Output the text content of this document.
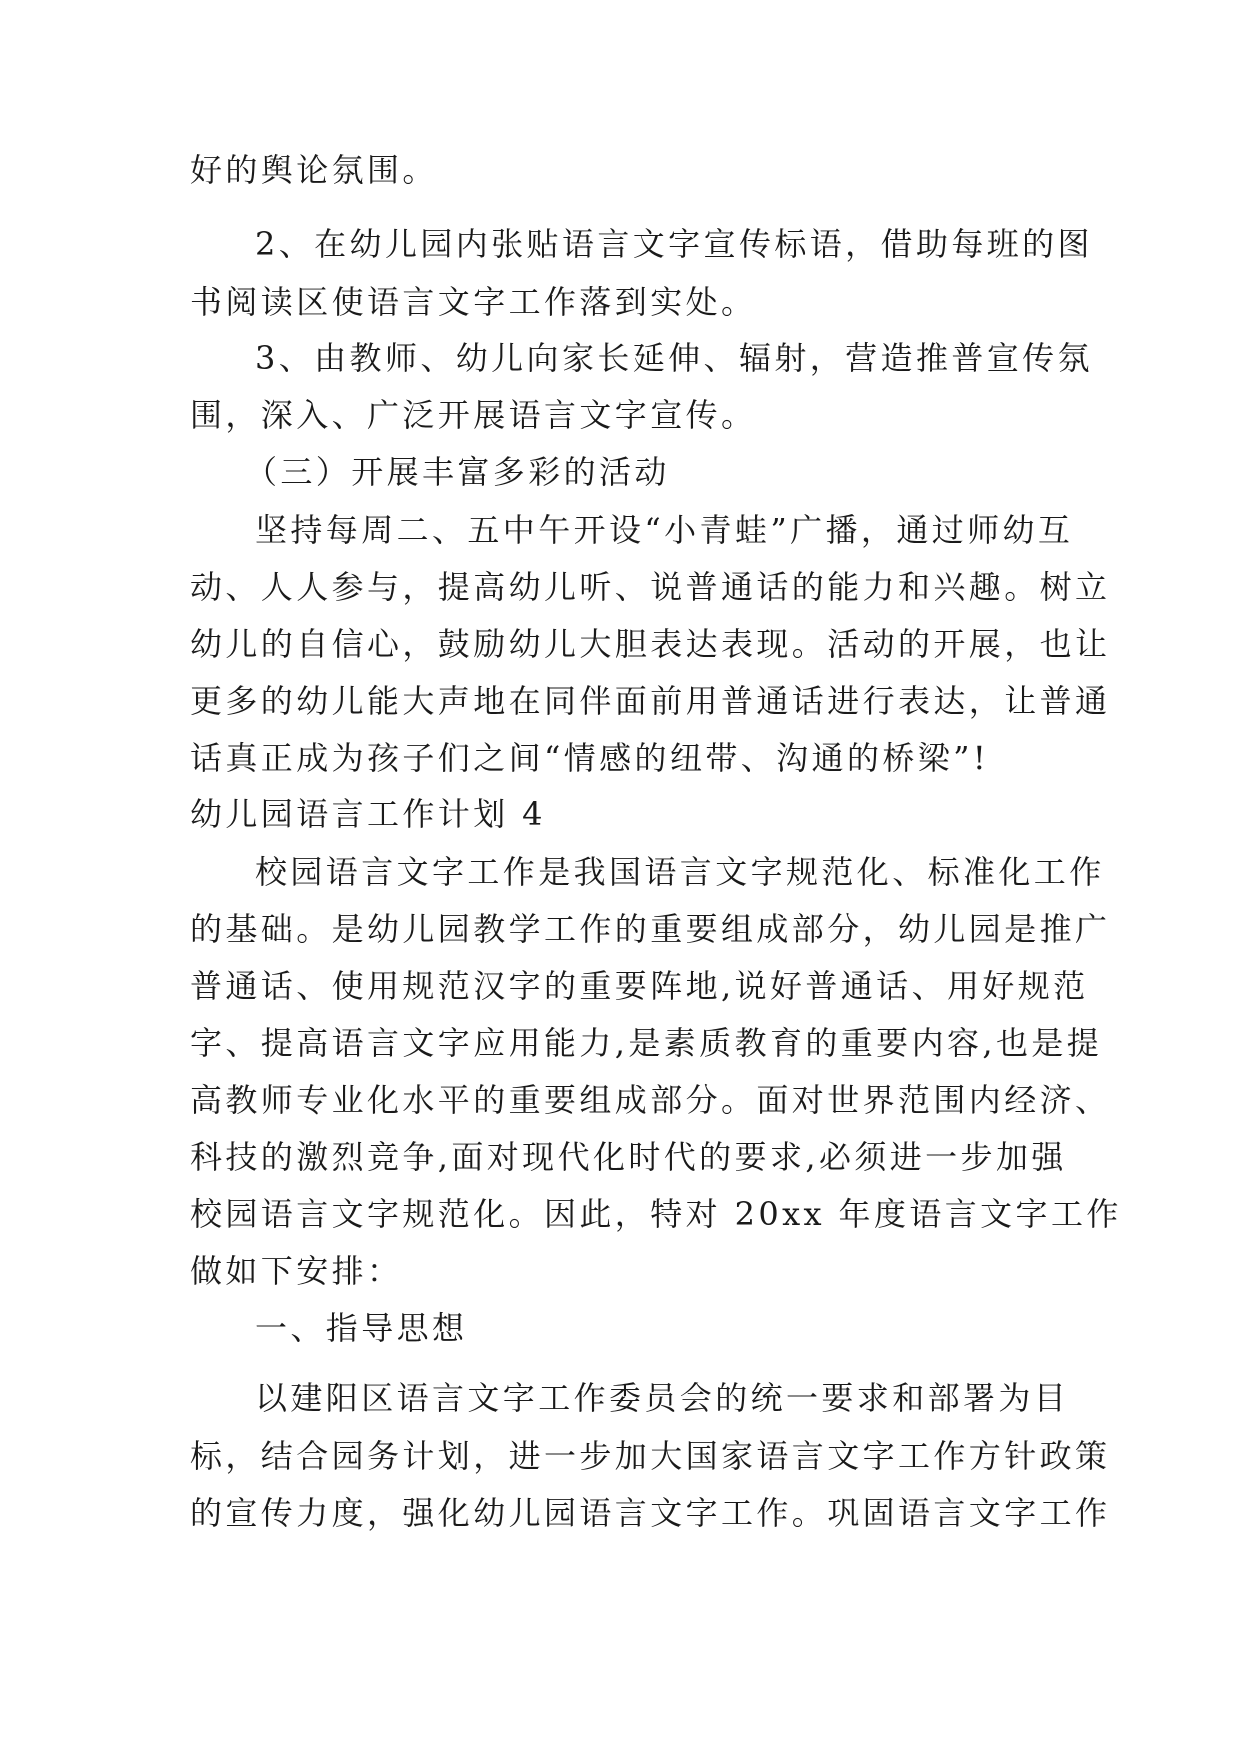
好的舆论氛围。
2、在幼儿园内张贴语言文字宣传标语，借助每班的图
书阅读区使语言文字工作落到实处。
3、由教师、幼儿向家长延伸、辐射，营造推普宣传氛
围，深入、广泛开展语言文字宣传。
（三）开展丰富多彩的活动
坚持每周二、五中午开设“小青蛙”广播，通过师幼互
动、人人参与，提高幼儿听、说普通话的能力和兴趣。树立
幼儿的自信心，鼓励幼儿大胆表达表现。活动的开展，也让
更多的幼儿能大声地在同伴面前用普通话进行表达，让普通
话真正成为孩子们之间“情感的纽带、沟通的桥梁”!
幼儿园语言工作计划 4
校园语言文字工作是我国语言文字规范化、标准化工作
的基础。是幼儿园教学工作的重要组成部分，幼儿园是推广
普通话、使用规范汉字的重要阵地,说好普通话、用好规范
字、提高语言文字应用能力,是素质教育的重要内容,也是提
高教师专业化水平的重要组成部分。面对世界范围内经济、
科技的激烈竞争,面对现代化时代的要求,必须进一步加强
校园语言文字规范化。因此，特对 20xx 年度语言文字工作
做如下安排：
一、指导思想
以建阳区语言文字工作委员会的统一要求和部署为目
标，结合园务计划，进一步加大国家语言文字工作方针政策
的宣传力度，强化幼儿园语言文字工作。巩固语言文字工作
